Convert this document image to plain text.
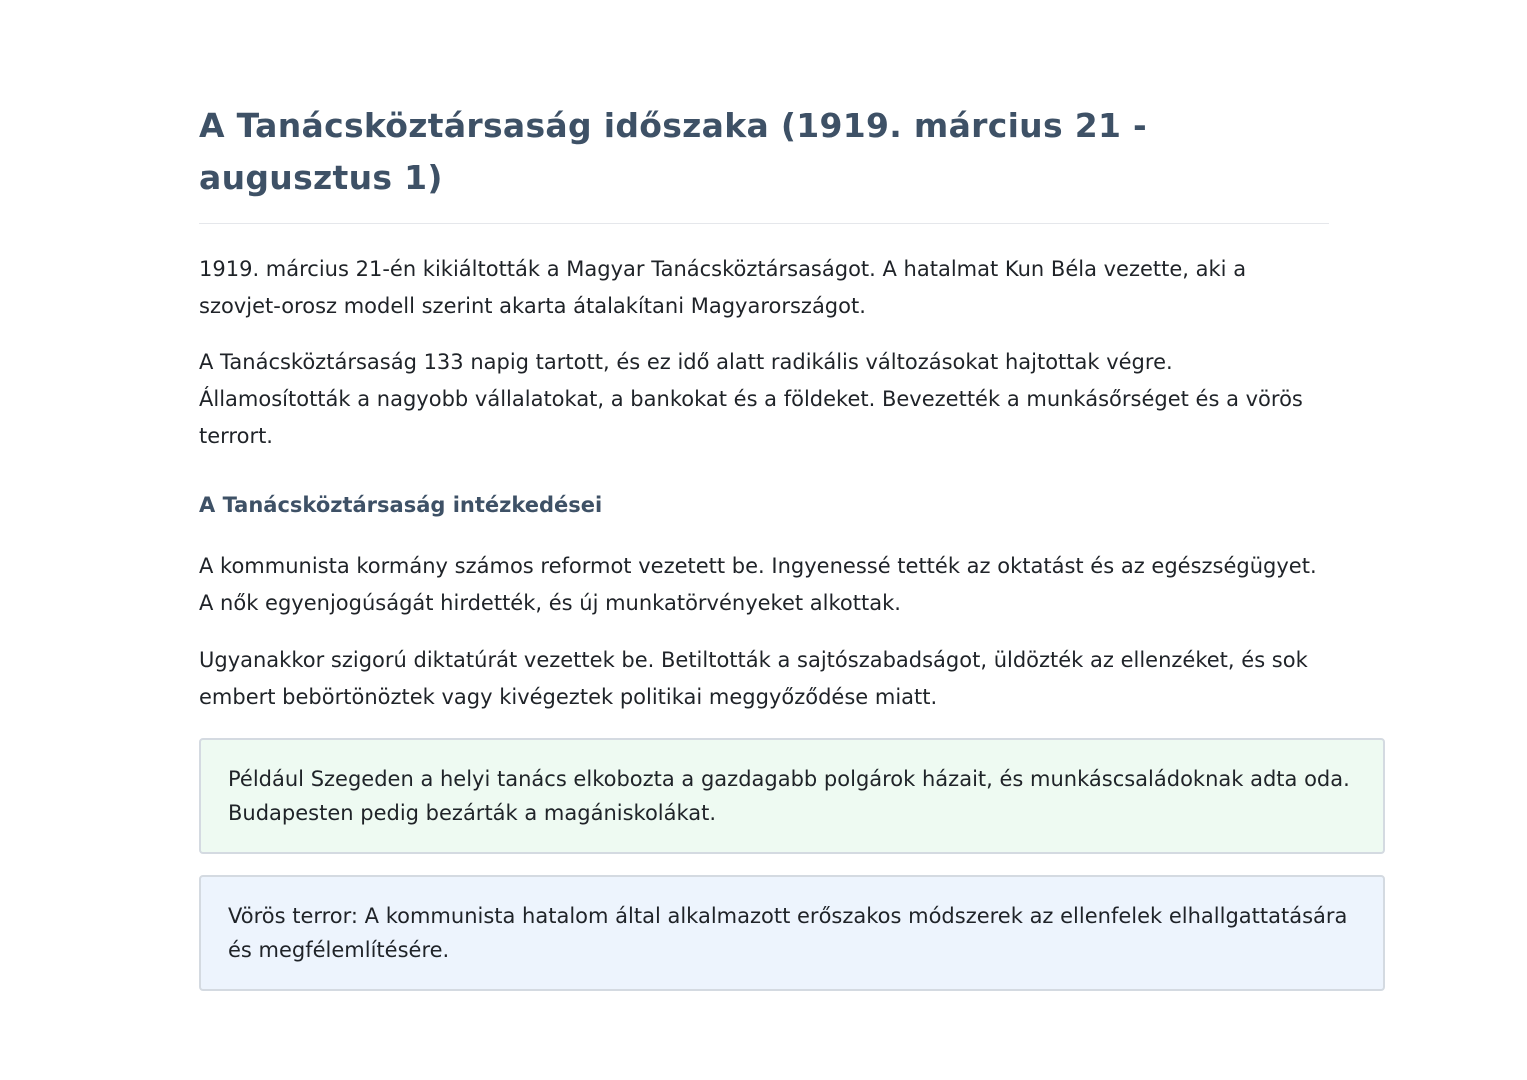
A Tanácsköztársaság időszaka (1919. március 21 - augusztus 1)

1919. március 21-én kikiáltották a Magyar Tanácsköztársaságot. A hatalmat Kun Béla vezette, aki a szovjet-orosz modell szerint akarta átalakítani Magyarországot.

A Tanácsköztársaság 133 napig tartott, és ez idő alatt radikális változásokat hajtottak végre. Államosították a nagyobb vállalatokat, a bankokat és a földeket. Bevezették a munkásőrséget és a vörös terrort.

A Tanácsköztársaság intézkedései

A kommunista kormány számos reformot vezetett be. Ingyenessé tették az oktatást és az egészségügyet. A nők egyenjogúságát hirdették, és új munkatörvényeket alkottak.

Ugyanakkor szigorú diktatúrát vezettek be. Betiltották a sajtószabadságot, üldözték az ellenzéket, és sok embert bebörtönöztek vagy kivégeztek politikai meggyőződése miatt.

Például Szegeden a helyi tanács elkobozta a gazdagabb polgárok házait, és munkáscsaládoknak adta oda. Budapesten pedig bezárták a magániskolákat.
Vörös terror: A kommunista hatalom által alkalmazott erőszakos módszerek az ellenfelek elhallgattatására és megfélemlítésére.
